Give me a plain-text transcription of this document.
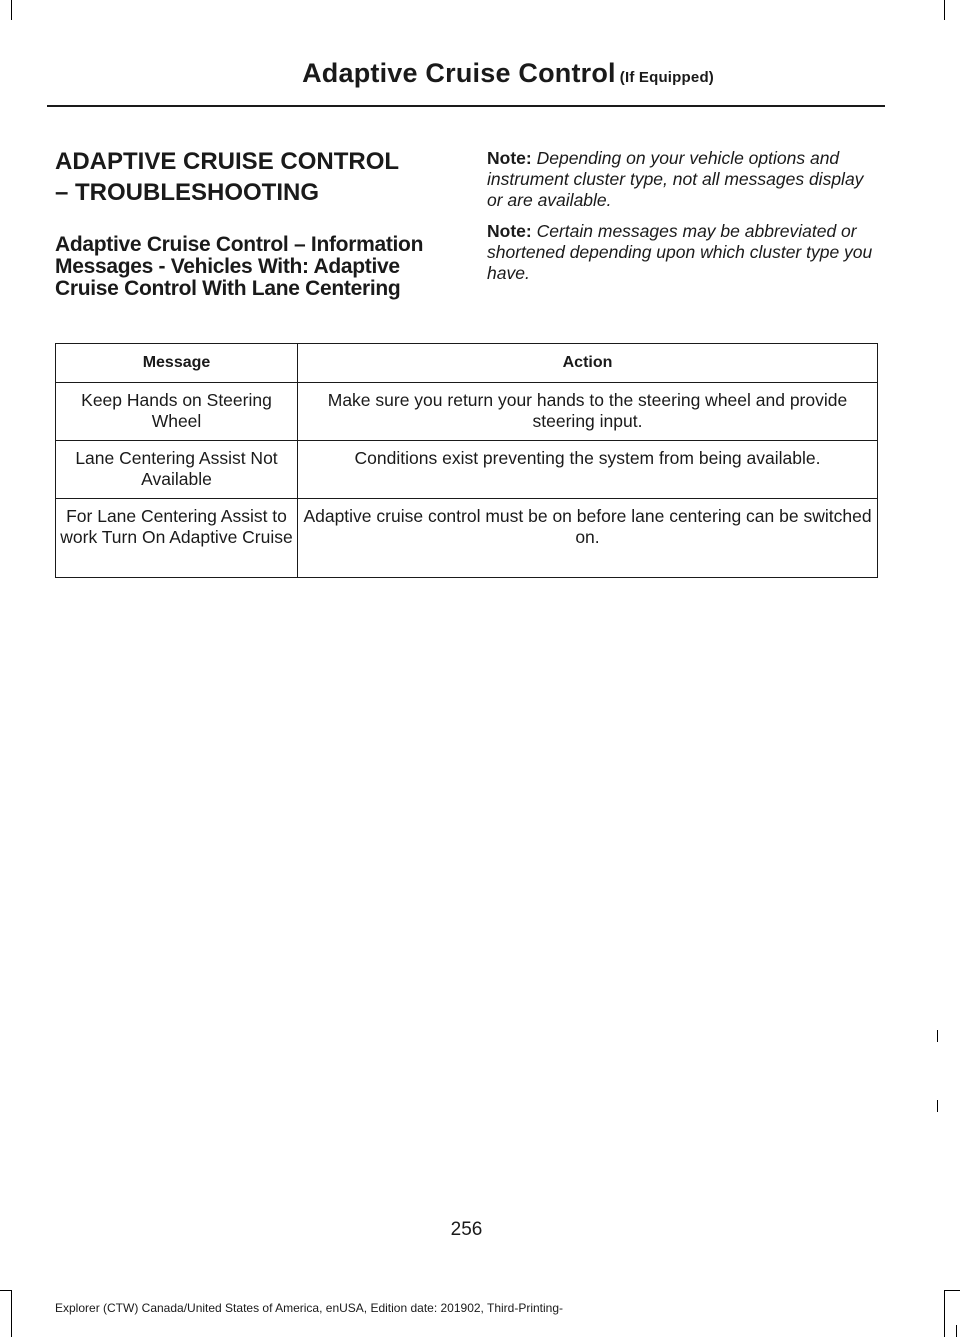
Adaptive Cruise Control (If Equipped)
ADAPTIVE CRUISE CONTROL
– TROUBLESHOOTING
Adaptive Cruise Control – Information Messages - Vehicles With: Adaptive Cruise Control With Lane Centering

Note: Depending on your vehicle options and instrument cluster type, not all messages display or are available.

Note: Certain messages may be abbreviated or shortened depending upon which cluster type you have.

Message	Action
Keep Hands on Steering Wheel	Make sure you return your hands to the steering wheel and provide steering input.
Lane Centering Assist Not Available	Conditions exist preventing the system from being available.
For Lane Centering Assist to work Turn On Adaptive Cruise	Adaptive cruise control must be on before lane centering can be switched on.
256
Explorer (CTW) Canada/United States of America, enUSA, Edition date: 201902, Third-Printing-
